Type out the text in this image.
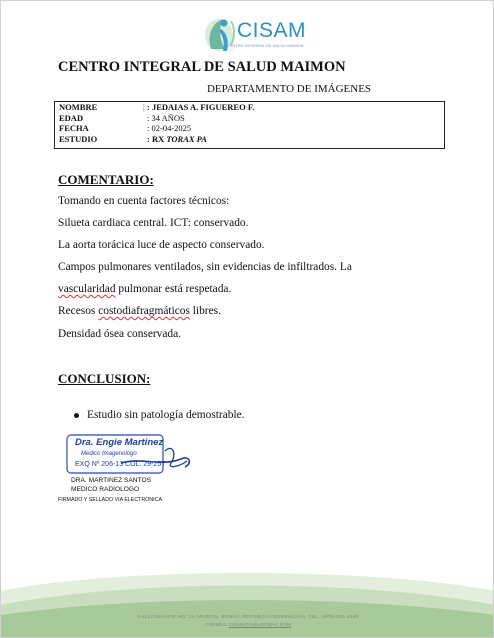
CISAM
CENTRO INTEGRAL DE SALUD MAIMON
CENTRO INTEGRAL DE SALUD MAIMON
DEPARTAMENTO DE IMÁGENES
NOMBRE	⸽ : JEDAIAS A. FIGUEREO F.
EDAD	: 34 AÑOS
FECHA	: 02-04-2025
ESTUDIO	: RX TORAX PA
COMENTARIO:
Tomando en cuenta factores técnicos:
Silueta cardiaca central. ICT: conservado.
La aorta torácica luce de aspecto conservado.
Campos pulmonares ventilados, sin evidencias de infiltrados. La
vascularidad pulmonar está respetada.
Recesos costodiafragmáticos libres.
Densidad ósea conservada.
CONCLUSION:
Estudio sin patología demostrable.
Dra. Engie Martinez
Medico Imagenologo
EXQ Nº 206-13 COL. 29-257
DRA. MARTINEZ SANTOS
MEDICO RADIOLOGO
FIRMADO Y SELLADO VIA ELECTRONICA
CALLE DUARTE NO. 15, MAIMÓN, BONAO, REPUBLICA DOMINICANA, TEL.: (809)-551-2198
CORREO: CISAM.DO@HOTMAIL.COM
